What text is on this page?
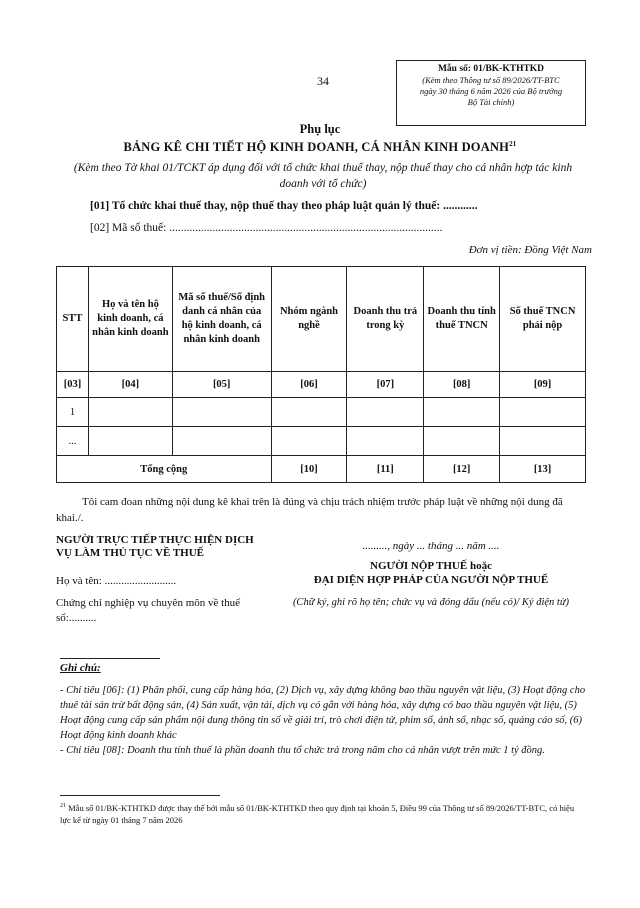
34
Mẫu số: 01/BK-KTHTKD
(Kèm theo Thông tư số 89/2026/TT-BTC
ngày 30 tháng 6 năm 2026 của Bộ trưởng
Bộ Tài chính)
Phụ lục
BẢNG KÊ CHI TIẾT HỘ KINH DOANH, CÁ NHÂN KINH DOANH$^{21}$
(Kèm theo Tờ khai 01/TCKT áp dụng đối với tổ chức khai thuế thay, nộp thuế thay cho cá nhân hợp tác kinh doanh với tổ chức)
[01] Tổ chức khai thuế thay, nộp thuế thay theo pháp luật quản lý thuế: ............
[02] Mã số thuế: ...............................................................................................
Đơn vị tiền: Đồng Việt Nam
STT	Họ và tên hộ kinh doanh, cá nhân kinh doanh	Mã số thuế/Số định danh cá nhân của hộ kinh doanh, cá nhân kinh doanh	Nhóm ngành nghề	Doanh thu trả trong kỳ	Doanh thu tính thuế TNCN	Số thuế TNCN phải nộp
[03]	[04]	[05]	[06]	[07]	[08]	[09]
1						
...						
Tổng cộng			[10]	[11]	[12]	[13]
Tôi cam đoan những nội dung kê khai trên là đúng và chịu trách nhiệm trước pháp luật về những nội dung đã khai./.
NGƯỜI TRỰC TIẾP THỰC HIỆN DỊCH VỤ LÀM THỦ TỤC VỀ THUẾ
Họ và tên: ..........................
Chứng chỉ nghiệp vụ chuyên môn về thuế số:..........
........., ngày ... tháng ... năm ....
NGƯỜI NỘP THUẾ hoặc
ĐẠI DIỆN HỢP PHÁP CỦA NGƯỜI NỘP THUẾ
(Chữ ký, ghi rõ họ tên; chức vụ và đóng dấu (nếu có)/ Ký điện tử)
Ghi chú:

- Chỉ tiêu [06]: (1) Phân phối, cung cấp hàng hóa, (2) Dịch vụ, xây dựng không bao thầu nguyên vật liệu, (3) Hoạt động cho thuê tài sản trừ bất động sản, (4) Sản xuất, vận tải, dịch vụ có gắn với hàng hóa, xây dựng có bao thầu nguyên vật liệu, (5) Hoạt động cung cấp sản phẩm nội dung thông tin số về giải trí, trò chơi điện tử, phim số, ảnh số, nhạc số, quảng cáo số, (6) Hoạt động kinh doanh khác

- Chỉ tiêu [08]: Doanh thu tính thuế là phần doanh thu tổ chức trả trong năm cho cá nhân vượt trên mức 1 tỷ đồng.

$^{21}$ Mẫu số 01/BK-KTHTKD được thay thế bởi mẫu số 01/BK-KTHTKD theo quy định tại khoản 5, Điều 99 của Thông tư số 89/2026/TT-BTC, có hiệu lực kể từ ngày 01 tháng 7 năm 2026
